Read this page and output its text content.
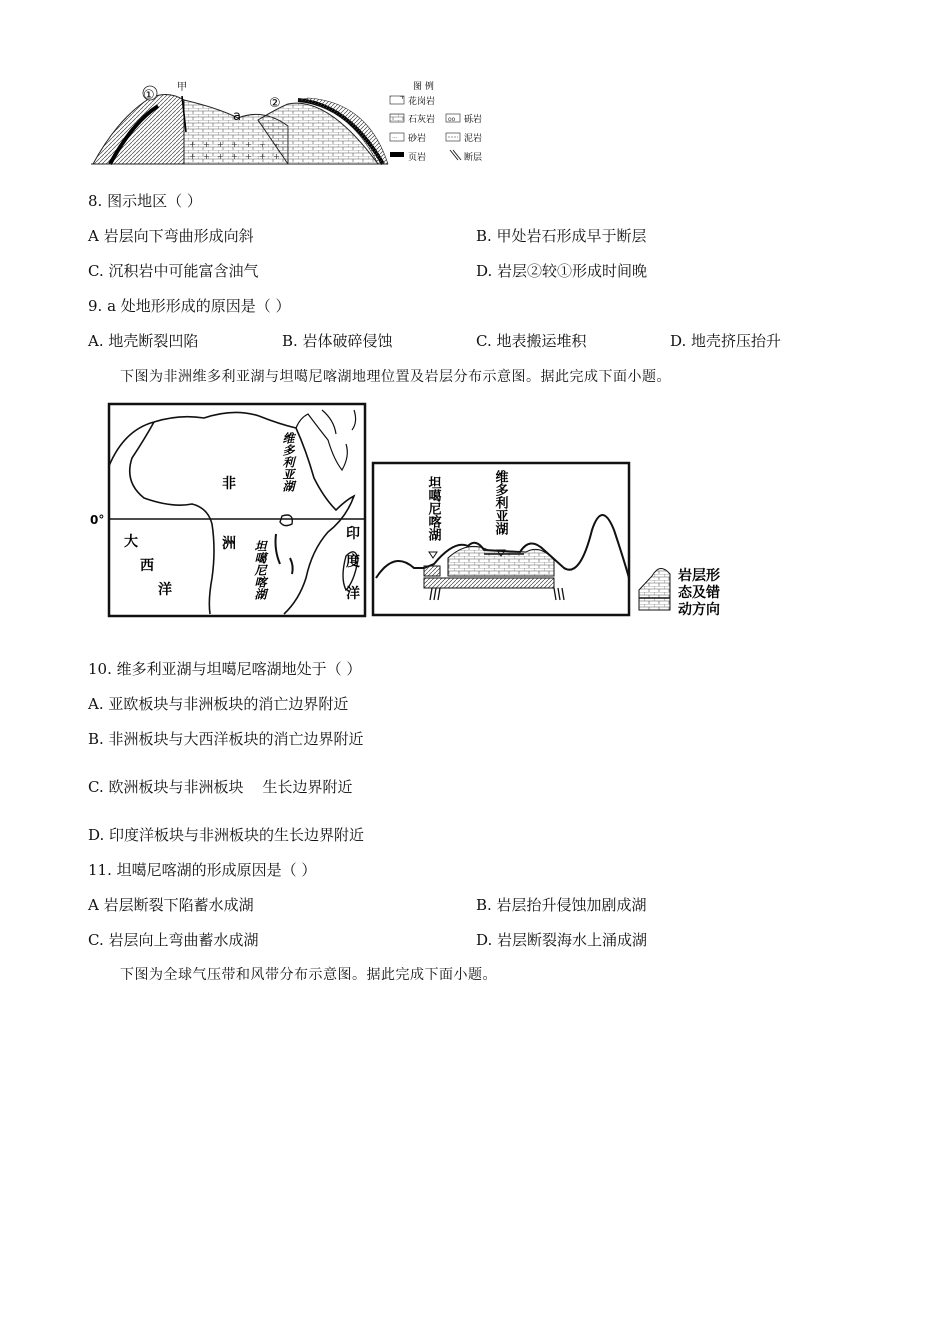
①
甲
a
②
图 例
花岗岩
石灰岩 oo 砾岩
··· 砂岩	泥岩
页岩	断层
8. 图示地区（ ）
A 岩层向下弯曲形成向斜	B. 甲处岩石形成早于断层
C. 沉积岩中可能富含油气	D. 岩层②较①形成时间晚
9. a 处地形形成的原因是（ ）
A. 地壳断裂凹陷	B. 岩体破碎侵蚀	C. 地表搬运堆积	D. 地壳挤压抬升
下图为非洲维多利亚湖与坦噶尼喀湖地理位置及岩层分布示意图。据此完成下面小题。
0°
非
洲
大
西
洋
印
度
洋
维多利亚湖
坦噶尼喀湖
坦噶尼喀湖	维多利亚湖
岩层形
态及错
动方向
10. 维多利亚湖与坦噶尼喀湖地处于（ ）
A. 亚欧板块与非洲板块的消亡边界附近
B. 非洲板块与大西洋板块的消亡边界附近
C. 欧洲板块与非洲板块    生长边界附近
D. 印度洋板块与非洲板块的生长边界附近
11. 坦噶尼喀湖的形成原因是（ ）
A 岩层断裂下陷蓄水成湖	B. 岩层抬升侵蚀加剧成湖
C. 岩层向上弯曲蓄水成湖	D. 岩层断裂海水上涌成湖
下图为全球气压带和风带分布示意图。据此完成下面小题。
